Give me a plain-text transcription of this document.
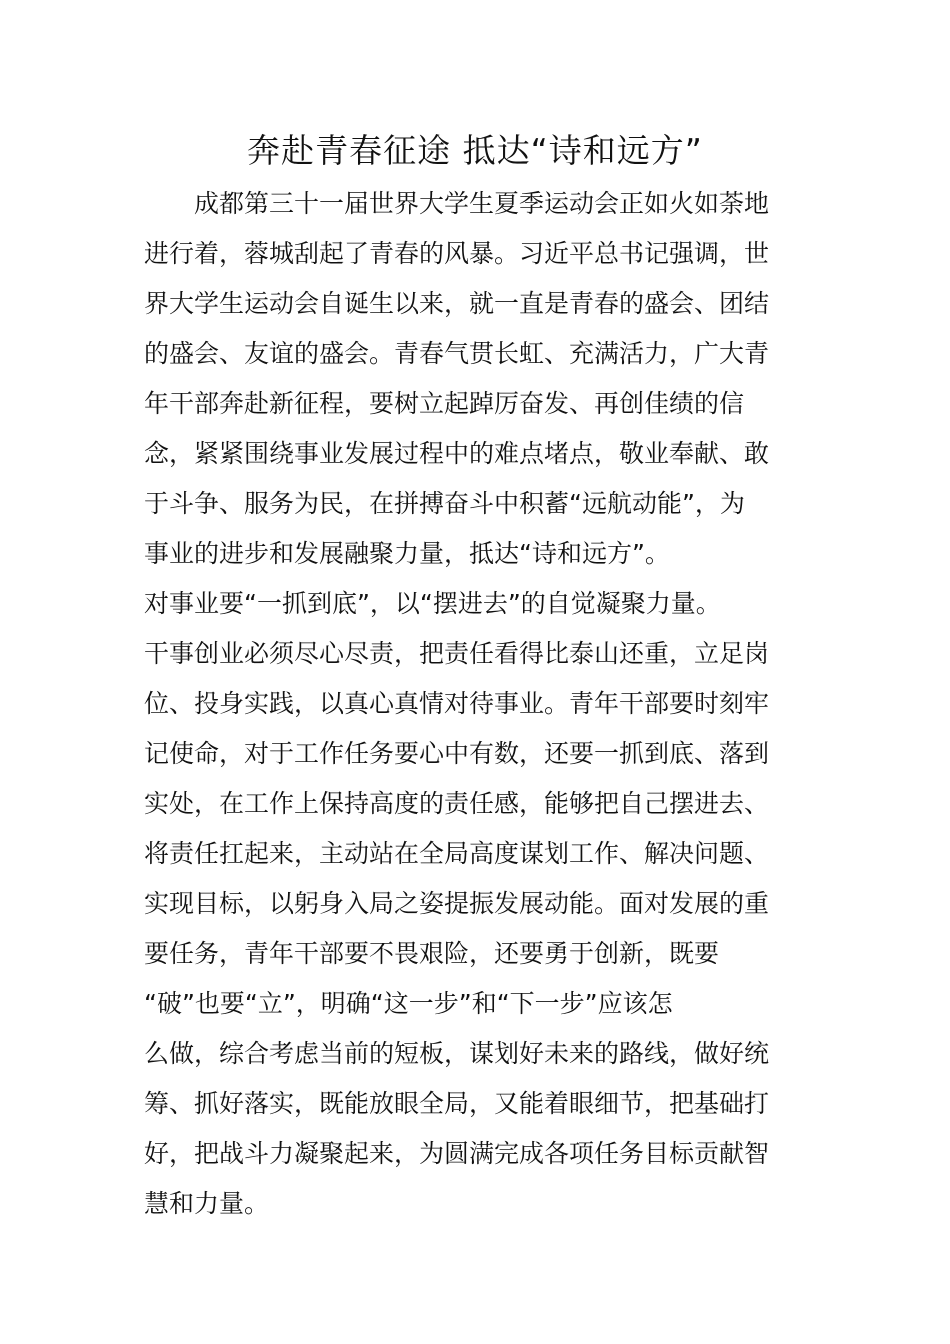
奔赴青春征途 抵达“诗和远方”
　　成都第三十一届世界大学生夏季运动会正如火如荼地
进行着，蓉城刮起了青春的风暴。习近平总书记强调，世
界大学生运动会自诞生以来，就一直是青春的盛会、团结
的盛会、友谊的盛会。青春气贯长虹、充满活力，广大青
年干部奔赴新征程，要树立起踔厉奋发、再创佳绩的信
念，紧紧围绕事业发展过程中的难点堵点，敬业奉献、敢
于斗争、服务为民，在拼搏奋斗中积蓄“远航动能”，为
事业的进步和发展融聚力量，抵达“诗和远方”。
对事业要“一抓到底”，以“摆进去”的自觉凝聚力量。
干事创业必须尽心尽责，把责任看得比泰山还重，立足岗
位、投身实践，以真心真情对待事业。青年干部要时刻牢
记使命，对于工作任务要心中有数，还要一抓到底、落到
实处，在工作上保持高度的责任感，能够把自己摆进去、
将责任扛起来，主动站在全局高度谋划工作、解决问题、
实现目标，以躬身入局之姿提振发展动能。面对发展的重
要任务，青年干部要不畏艰险，还要勇于创新，既要
“破”也要“立”，明确“这一步”和“下一步”应该怎
么做，综合考虑当前的短板，谋划好未来的路线，做好统
筹、抓好落实，既能放眼全局，又能着眼细节，把基础打
好，把战斗力凝聚起来，为圆满完成各项任务目标贡献智
慧和力量。
